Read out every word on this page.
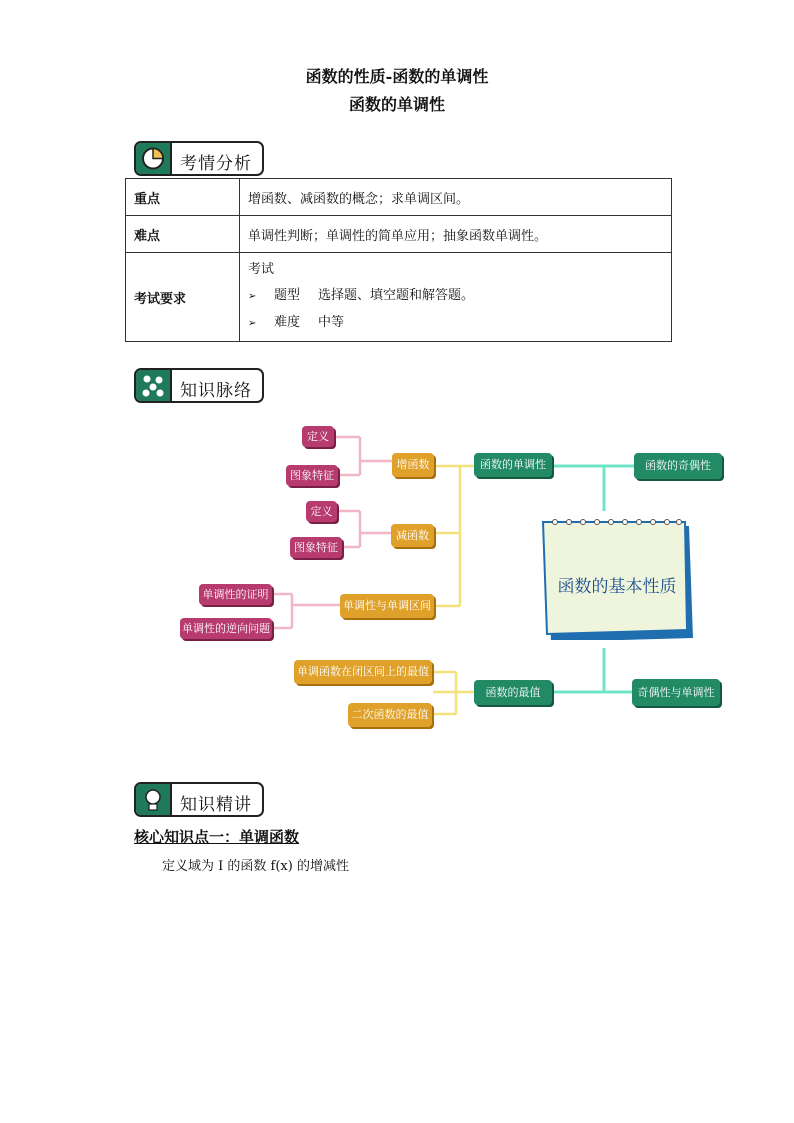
函数的性质-函数的单调性
函数的单调性
考情分析
重点	增函数、减函数的概念；求单调区间。
难点	单调性判断；单调性的简单应用；抽象函数单调性。
考试要求	考试
➢ 题型 选择题、填空题和解答题。
➢ 难度 中等
知识脉络
函数的基本性质
函数的单调性	函数的奇偶性
函数的最值	奇偶性与单调性
增函数
减函数
单调性与单调区间
单调函数在闭区间上的最值
二次函数的最值
定义
图象特征
定义
图象特征
单调性的证明
单调性的逆向问题
知识精讲
核心知识点一：单调函数
定义域为 I 的函数 f(x) 的增减性
